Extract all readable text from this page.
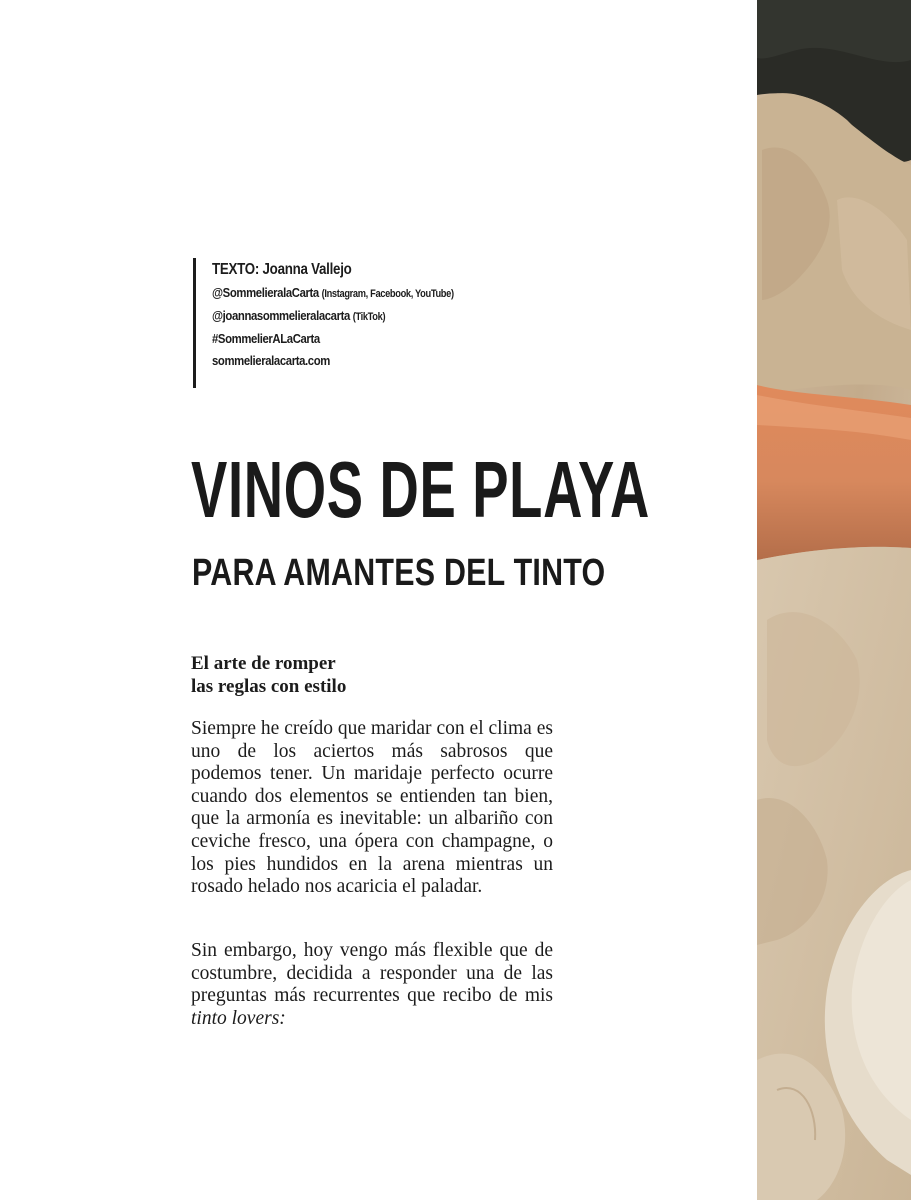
TEXTO: Joanna Vallejo
@SommelieralaCarta (Instagram, Facebook, YouTube)
@joannasommelieralacarta (TikTok)
#SommelierALaCarta
sommelieralacarta.com
VINOS DE PLAYA
PARA AMANTES DEL TINTO
El arte de romper
las reglas con estilo

Siempre he creído que maridar con el clima es uno de los aciertos más sabrosos que podemos tener. Un maridaje perfecto ocurre cuando dos elementos se entienden tan bien, que la armonía es inevitable: un albariño con ceviche fresco, una ópera con champagne, o los pies hundidos en la arena mientras un rosado helado nos acaricia el paladar.

Sin embargo, hoy vengo más flexible que de costumbre, decidida a responder una de las preguntas más recurrentes que recibo de mis tinto lovers:
